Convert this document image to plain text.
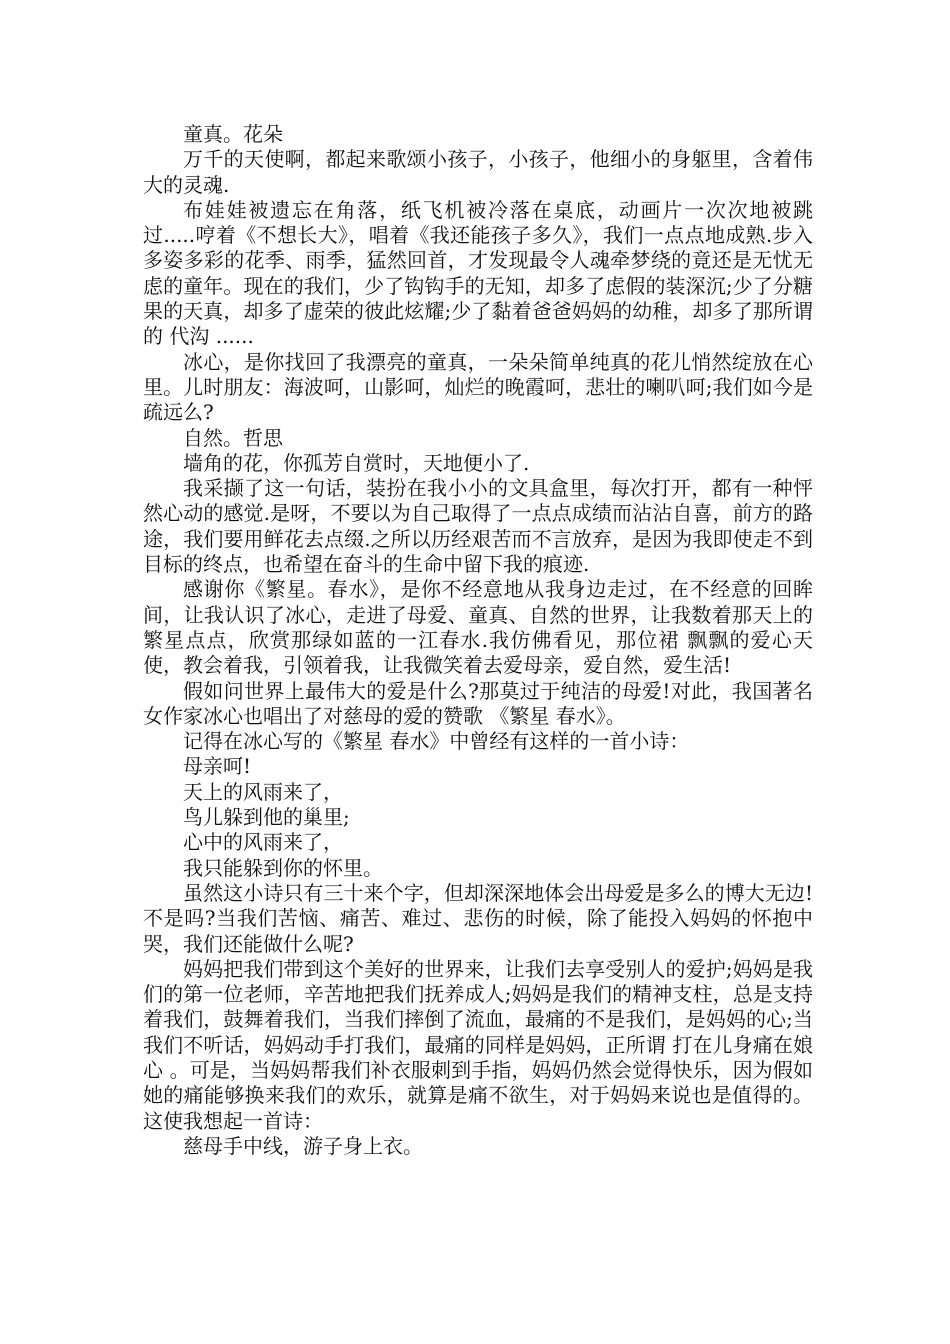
童真。花朵

万千的天使啊，都起来歌颂小孩子，小孩子，他细小的身躯里，含着伟大的灵魂.

布娃娃被遗忘在角落，纸飞机被冷落在桌底，动画片一次次地被跳过.....哼着《不想长大》，唱着《我还能孩子多久》，我们一点点地成熟.步入多姿多彩的花季、雨季，猛然回首，才发现最令人魂牵梦绕的竟还是无忧无虑的童年。现在的我们，少了钩钩手的无知，却多了虑假的装深沉;少了分糖果的天真，却多了虚荣的彼此炫耀;少了黏着爸爸妈妈的幼稚，却多了那所谓的 代沟 ......

冰心，是你找回了我漂亮的童真，一朵朵简单纯真的花儿悄然绽放在心里。儿时朋友：海波呵，山影呵，灿烂的晚霞呵，悲壮的喇叭呵;我们如今是疏远么?

自然。哲思

墙角的花，你孤芳自赏时，天地便小了.

我采撷了这一句话，装扮在我小小的文具盒里，每次打开，都有一种怦然心动的感觉.是呀，不要以为自己取得了一点点成绩而沾沾自喜，前方的路途，我们要用鲜花去点缀.之所以历经艰苦而不言放弃，是因为我即使走不到目标的终点，也希望在奋斗的生命中留下我的痕迹.

感谢你《繁星。春水》，是你不经意地从我身边走过，在不经意的回眸间，让我认识了冰心，走进了母爱、童真、自然的世界，让我数着那天上的繁星点点，欣赏那绿如蓝的一江春水.我仿佛看见，那位裙 飘飘的爱心天使，教会着我，引领着我，让我微笑着去爱母亲，爱自然，爱生活!

假如问世界上最伟大的爱是什么?那莫过于纯洁的母爱!对此，我国著名女作家冰心也唱出了对慈母的爱的赞歌 《繁星 春水》。

记得在冰心写的《繁星 春水》中曾经有这样的一首小诗：

母亲呵!

天上的风雨来了，

鸟儿躲到他的巢里;

心中的风雨来了，

我只能躲到你的怀里。

虽然这小诗只有三十来个字，但却深深地体会出母爱是多么的博大无边!不是吗?当我们苦恼、痛苦、难过、悲伤的时候，除了能投入妈妈的怀抱中哭，我们还能做什么呢?

妈妈把我们带到这个美好的世界来，让我们去享受别人的爱护;妈妈是我们的第一位老师，辛苦地把我们抚养成人;妈妈是我们的精神支柱，总是支持着我们，鼓舞着我们，当我们摔倒了流血，最痛的不是我们，是妈妈的心;当我们不听话，妈妈动手打我们，最痛的同样是妈妈，正所谓 打在儿身痛在娘心 。可是，当妈妈帮我们补衣服刺到手指，妈妈仍然会觉得快乐，因为假如她的痛能够换来我们的欢乐，就算是痛不欲生，对于妈妈来说也是值得的。这使我想起一首诗：

慈母手中线，游子身上衣。
